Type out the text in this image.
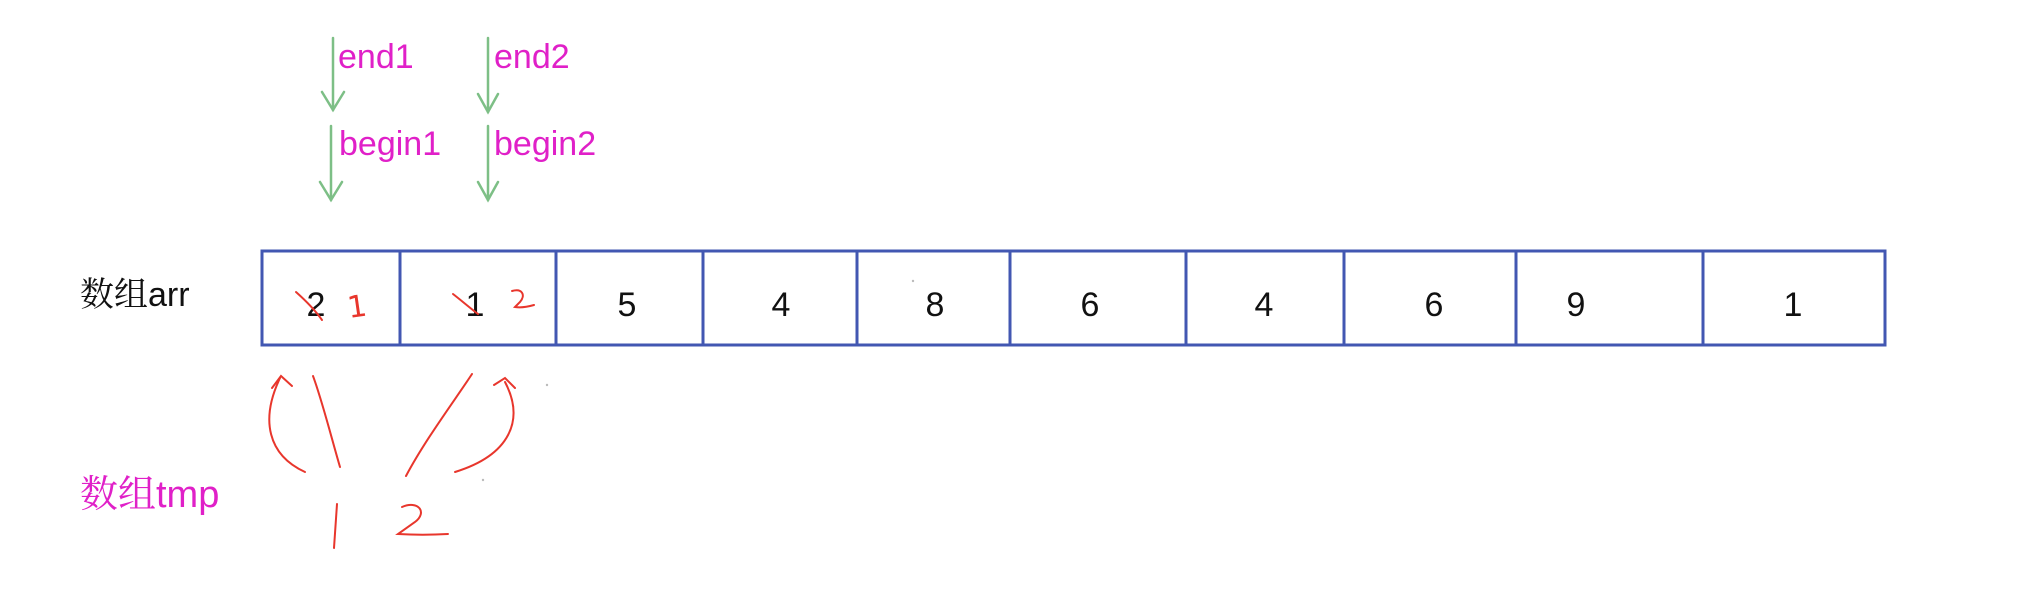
end1 end2
begin1 begin2
数组arr
数组tmp
2	1	5	4	8	6	4	6	9	1
1
